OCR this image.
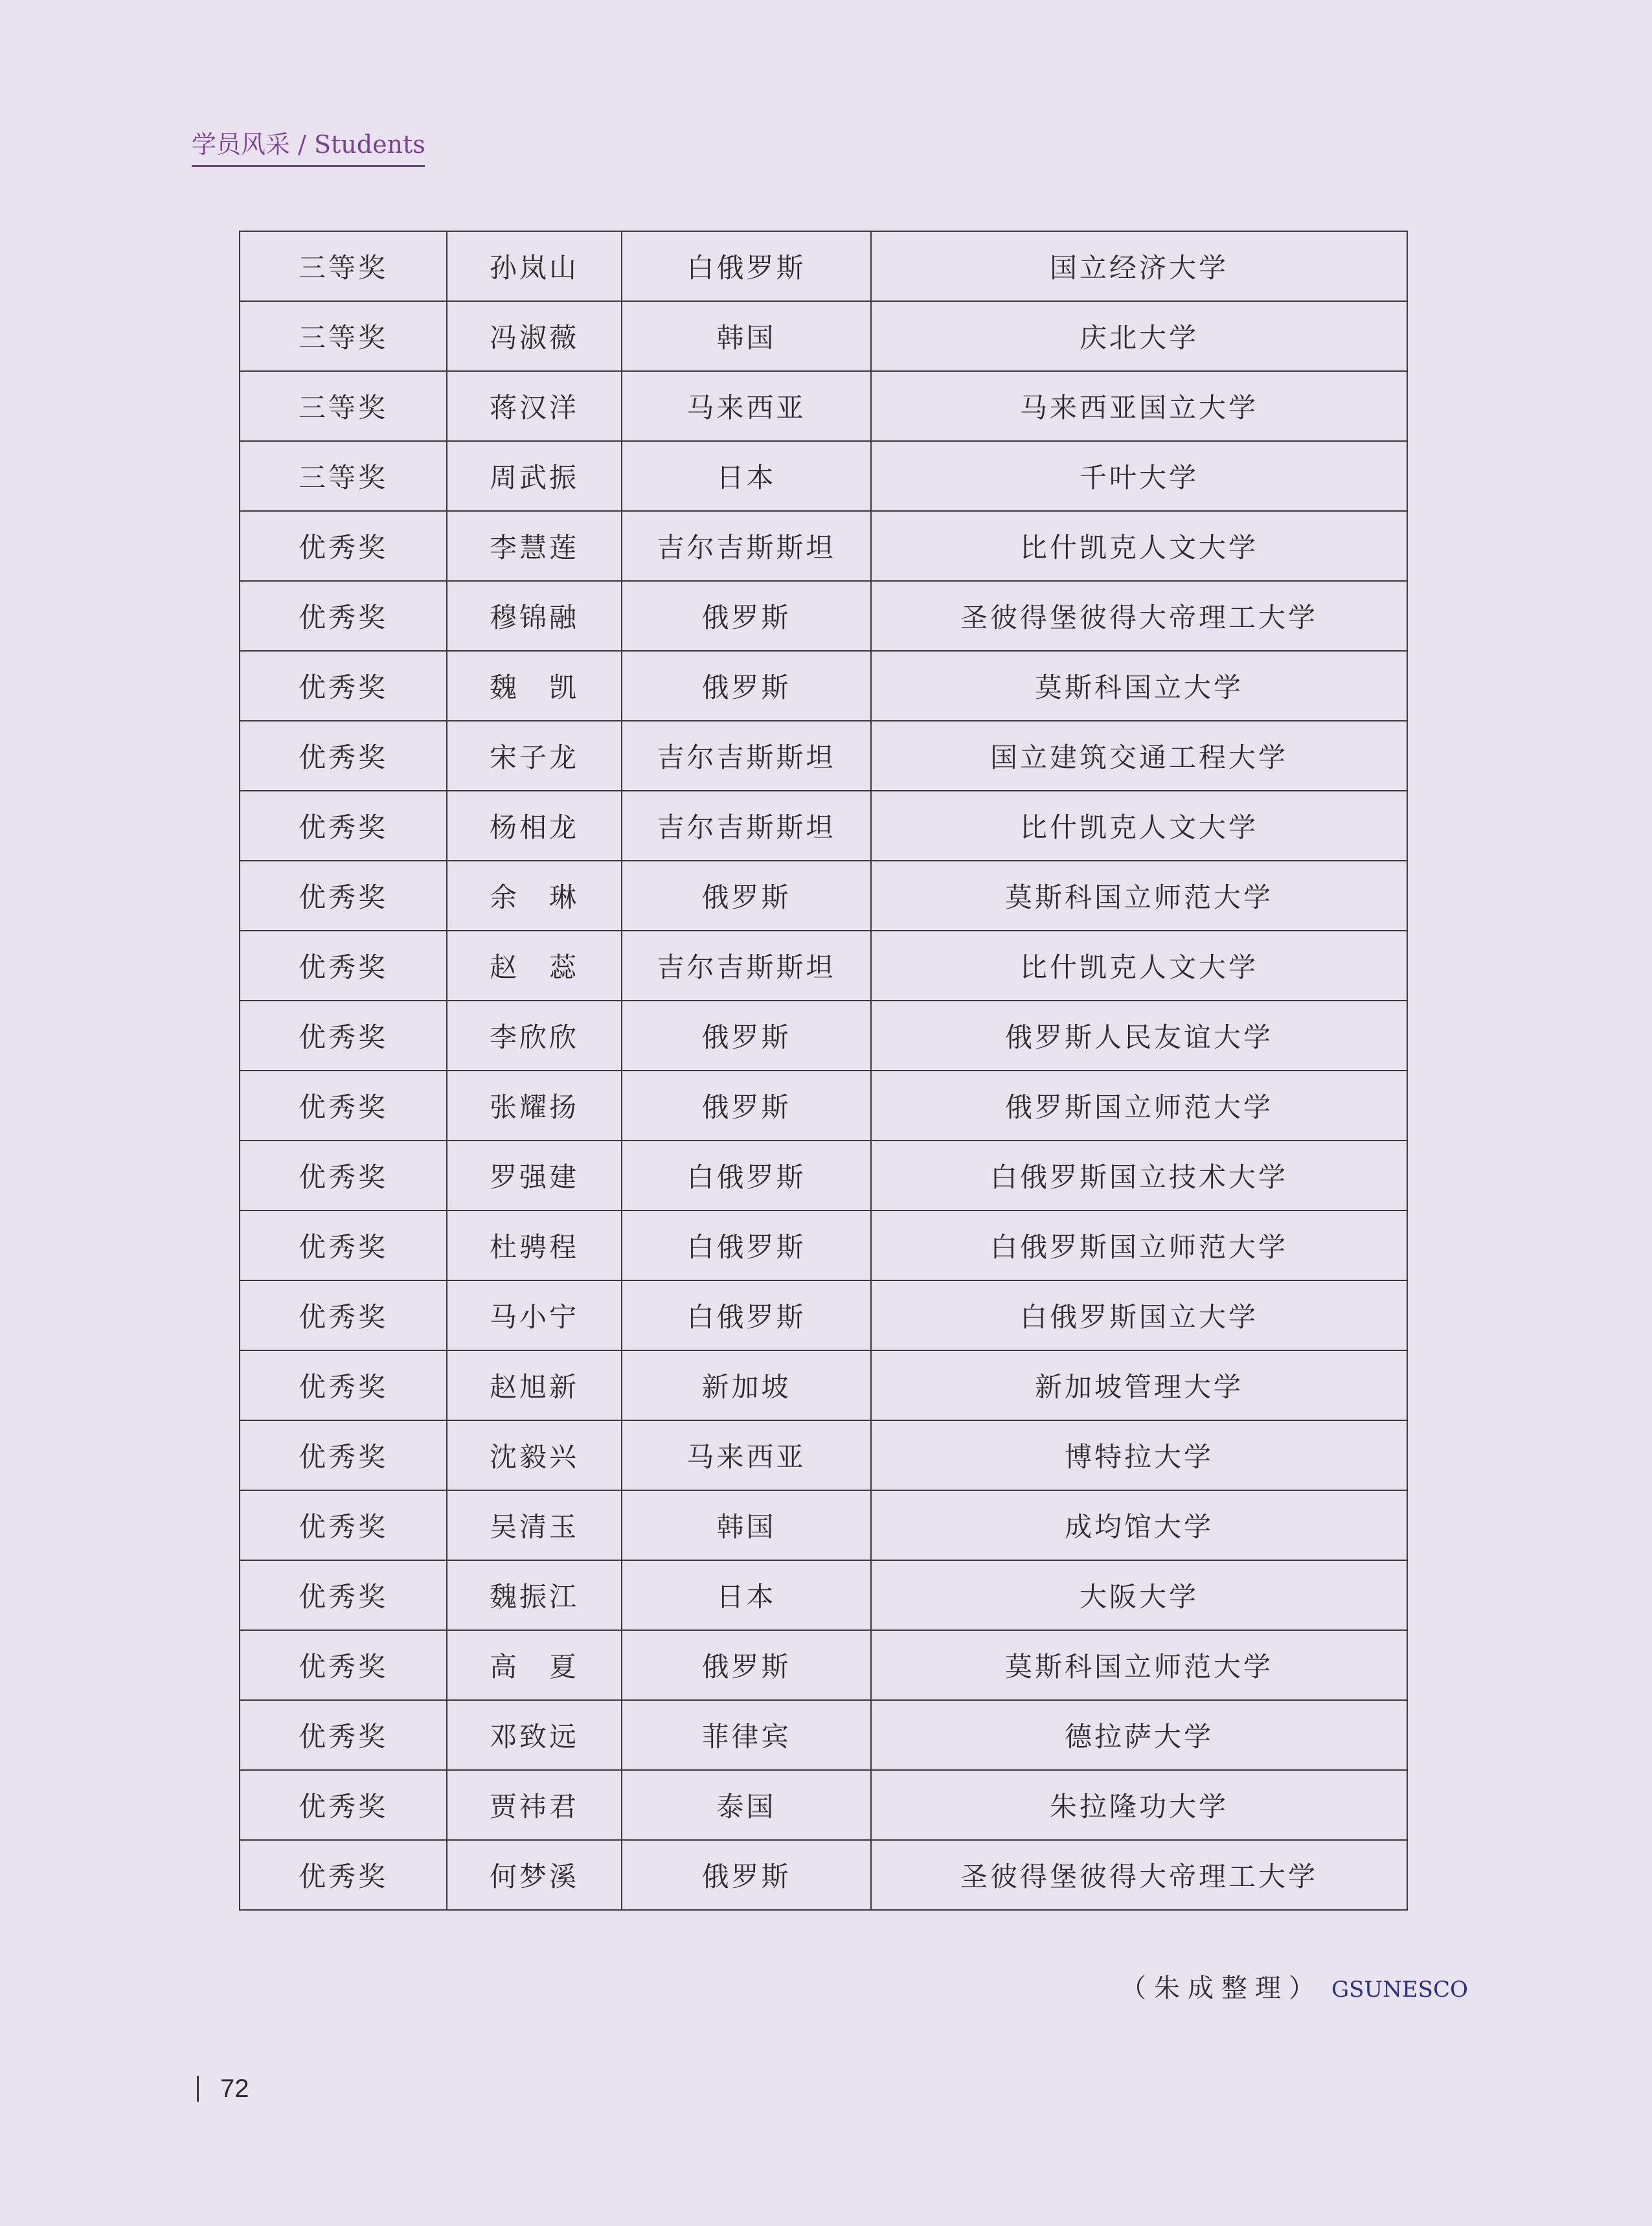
学员风采 / Students
三等奖	孙岚山	白俄罗斯	国立经济大学
三等奖	冯淑薇	韩国	庆北大学
三等奖	蒋汉洋	马来西亚	马来西亚国立大学
三等奖	周武振	日本	千叶大学
优秀奖	李慧莲	吉尔吉斯斯坦	比什凯克人文大学
优秀奖	穆锦融	俄罗斯	圣彼得堡彼得大帝理工大学
优秀奖	魏　凯	俄罗斯	莫斯科国立大学
优秀奖	宋子龙	吉尔吉斯斯坦	国立建筑交通工程大学
优秀奖	杨相龙	吉尔吉斯斯坦	比什凯克人文大学
优秀奖	余　琳	俄罗斯	莫斯科国立师范大学
优秀奖	赵　蕊	吉尔吉斯斯坦	比什凯克人文大学
优秀奖	李欣欣	俄罗斯	俄罗斯人民友谊大学
优秀奖	张耀扬	俄罗斯	俄罗斯国立师范大学
优秀奖	罗强建	白俄罗斯	白俄罗斯国立技术大学
优秀奖	杜骋程	白俄罗斯	白俄罗斯国立师范大学
优秀奖	马小宁	白俄罗斯	白俄罗斯国立大学
优秀奖	赵旭新	新加坡	新加坡管理大学
优秀奖	沈毅兴	马来西亚	博特拉大学
优秀奖	吴清玉	韩国	成均馆大学
优秀奖	魏振江	日本	大阪大学
优秀奖	高　夏	俄罗斯	莫斯科国立师范大学
优秀奖	邓致远	菲律宾	德拉萨大学
优秀奖	贾祎君	泰国	朱拉隆功大学
优秀奖	何梦溪	俄罗斯	圣彼得堡彼得大帝理工大学
（朱成整理） GSUNESCO
72
